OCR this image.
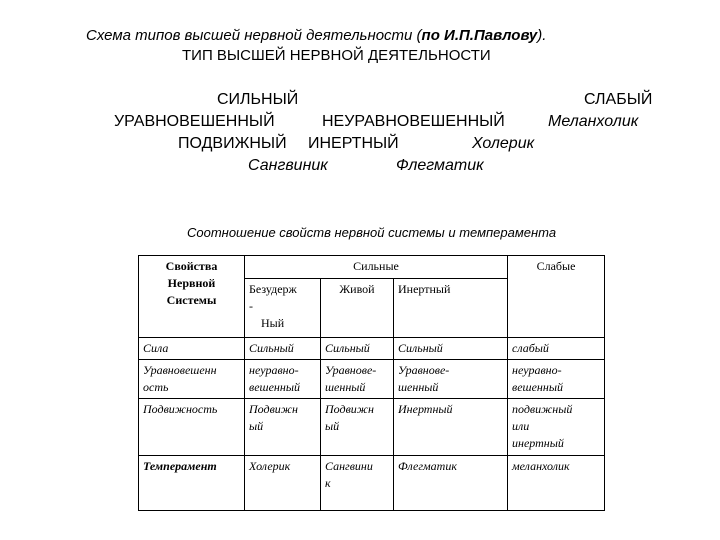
Схема типов высшей нервной деятельности (по И.П.Павлову).
ТИП ВЫСШЕЙ НЕРВНОЙ ДЕЯТЕЛЬНОСТИ
СИЛЬНЫЙ	СЛАБЫЙ
УРАВНОВЕШЕННЫЙ	НЕУРАВНОВЕШЕННЫЙ	Меланхолик
ПОДВИЖНЫЙ ИНЕРТНЫЙ	Холерик
Сангвиник	Флегматик
Соотношение свойств нервной системы и темперамента
Свойства
Нервной
Системы	Сильные			Слабые

	Безудерж
-
Ный	Живой	Инертный	

Сила	Сильный	Сильный	Сильный	слабый

Уравновешенн
ость	неуравно-
вешенный	Уравнове-
шенный	Уравнове-
шенный	неуравно-
вешенный

Подвижность	Подвижн
ый	Подвижн
ый	Инертный	подвижный
или
инертный

Темперамент	Холерик	Сангвини
к	Флегматик	меланхолик
